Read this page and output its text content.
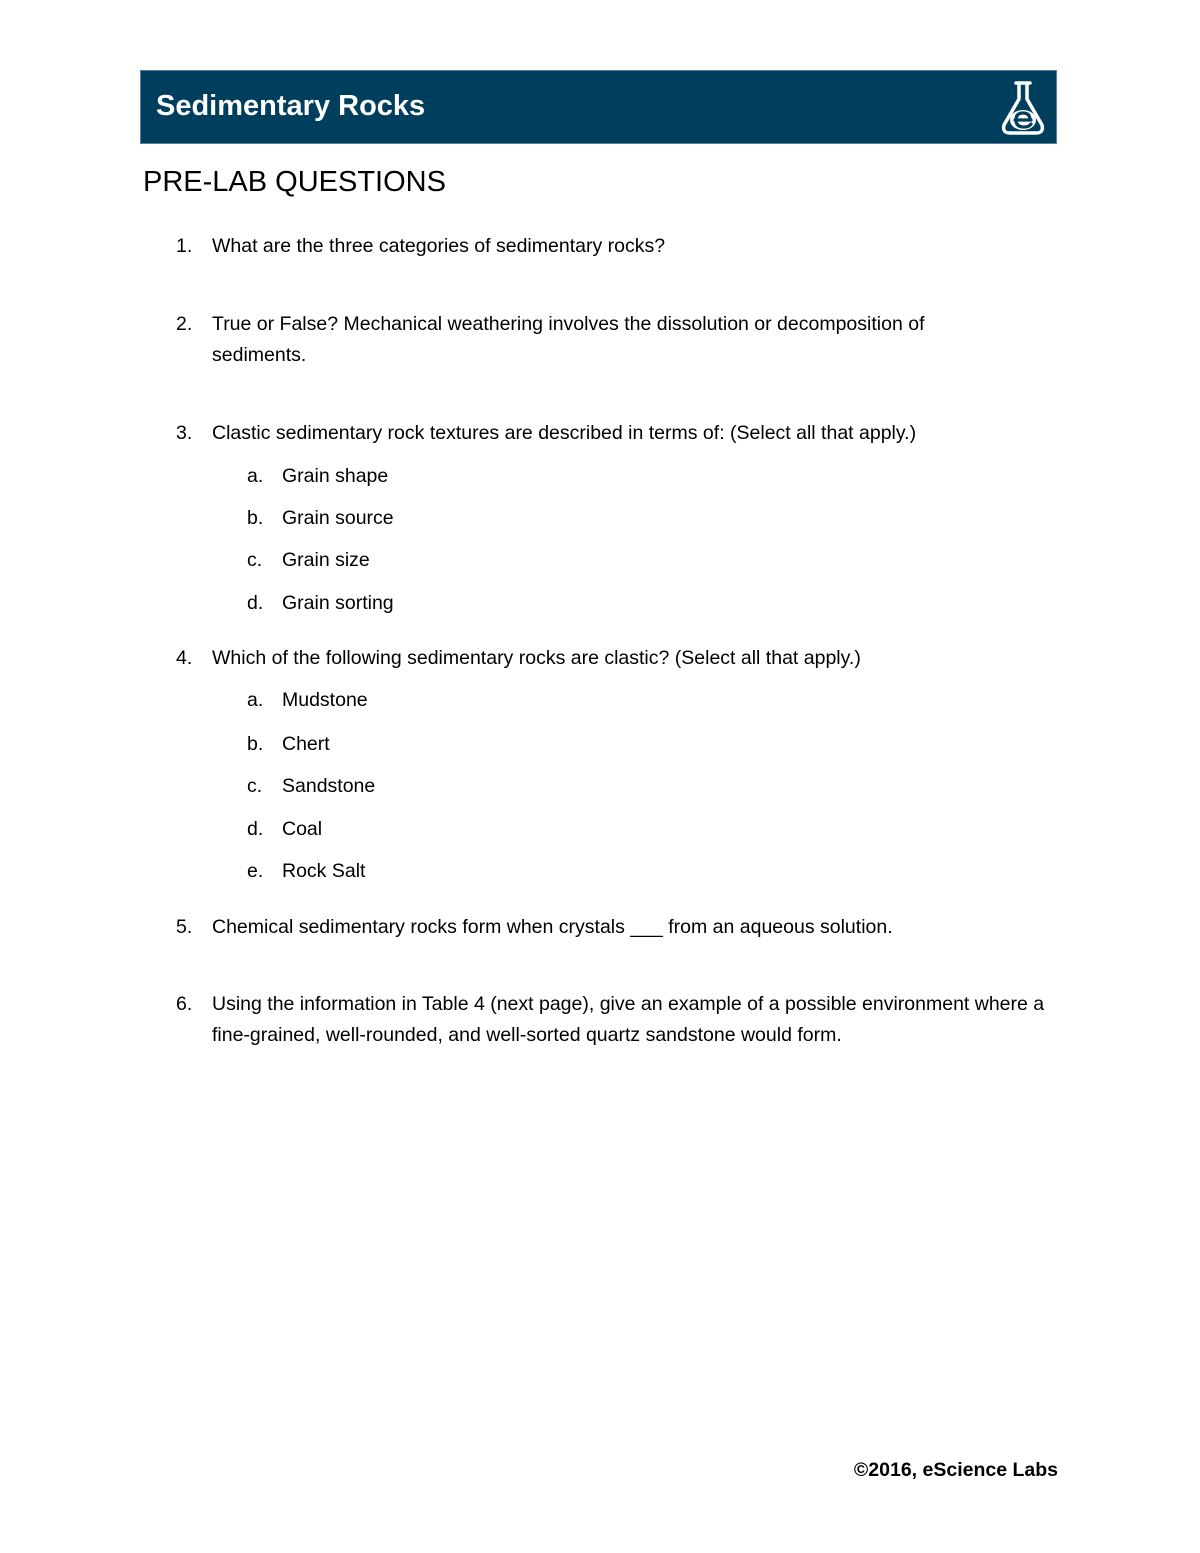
Sedimentary Rocks
PRE-LAB QUESTIONS
1.	What are the three categories of sedimentary rocks?
2.	True or False? Mechanical weathering involves the dissolution or decomposition of sediments.
3.	Clastic sedimentary rock textures are described in terms of: (Select all that apply.)
a. Grain shape
b. Grain source
c. Grain size
d. Grain sorting
4.	Which of the following sedimentary rocks are clastic? (Select all that apply.)
a. Mudstone
b. Chert
c. Sandstone
d. Coal
e. Rock Salt
5.	Chemical sedimentary rocks form when crystals ___ from an aqueous solution.
6.	Using the information in Table 4 (next page), give an example of a possible environment where a fine-grained, well-rounded, and well-sorted quartz sandstone would form.
©2016, eScience Labs
